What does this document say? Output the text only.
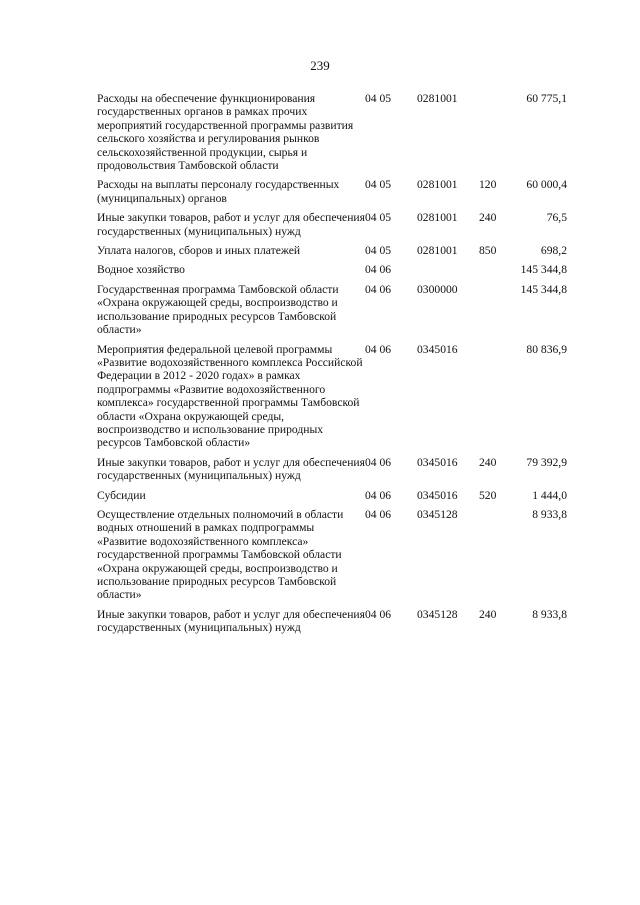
239
Расходы на обеспечение функционирования государственных органов в рамках прочих мероприятий государственной программы развития сельского хозяйства и регулирования рынков сельскохозяйственной продукции, сырья и продовольствия Тамбовской области	04 05	0281001		60 775,1
Расходы на выплаты персоналу государственных (муниципальных) органов	04 05	0281001	120	60 000,4
Иные закупки товаров, работ и услуг для обеспечения государственных (муниципальных) нужд	04 05	0281001	240	76,5
Уплата налогов, сборов и иных платежей	04 05	0281001	850	698,2
Водное хозяйство	04 06			145 344,8
Государственная программа Тамбовской области «Охрана окружающей среды, воспроизводство и использование природных ресурсов Тамбовской области»	04 06	0300000		145 344,8
Мероприятия федеральной целевой программы «Развитие водохозяйственного комплекса Российской Федерации в 2012 - 2020 годах» в рамках подпрограммы «Развитие водохозяйственного комплекса» государственной программы Тамбовской области «Охрана окружающей среды, воспроизводство и использование природных ресурсов Тамбовской области»	04 06	0345016		80 836,9
Иные закупки товаров, работ и услуг для обеспечения государственных (муниципальных) нужд	04 06	0345016	240	79 392,9
Субсидии	04 06	0345016	520	1 444,0
Осуществление отдельных полномочий в области водных отношений в рамках подпрограммы «Развитие водохозяйственного комплекса» государственной программы Тамбовской области «Охрана окружающей среды, воспроизводство и использование природных ресурсов Тамбовской области»	04 06	0345128		8 933,8
Иные закупки товаров, работ и услуг для обеспечения государственных (муниципальных) нужд	04 06	0345128	240	8 933,8
